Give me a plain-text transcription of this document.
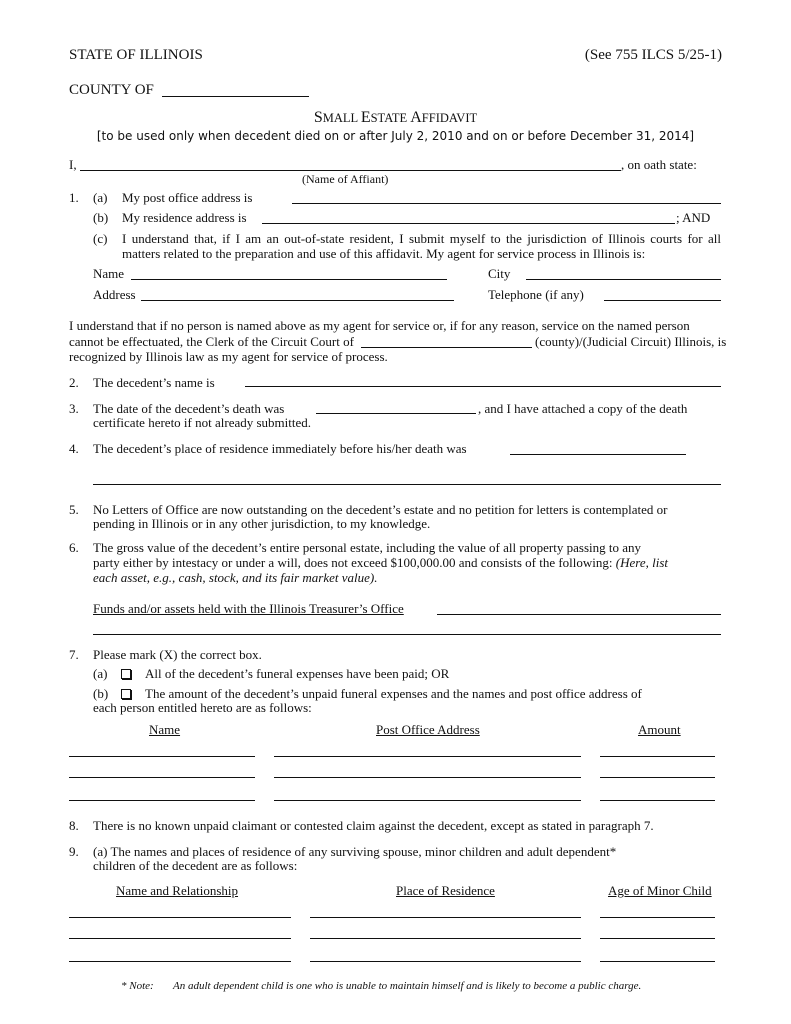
STATE OF ILLINOIS	(See 755 ILCS 5/25-1)
COUNTY OF
SMALL ESTATE AFFIDAVIT
[to be used only when decedent died on or after July 2, 2010 and on or before December 31, 2014]
I,	, on oath state:
(Name of Affiant)
1. (a) My post office address is
(b) My residence address is	; AND
(c) I understand that, if I am an out-of-state resident, I submit myself to the jurisdiction of Illinois courts for all matters related to the preparation and use of this affidavit. My agent for service process in Illinois is:
Name	City
Address	Telephone (if any)
I understand that if no person is named above as my agent for service or, if for any reason, service on the named person
cannot be effectuated, the Clerk of the Circuit Court of	(county)/(Judicial Circuit) Illinois, is
recognized by Illinois law as my agent for service of process.
2. The decedent’s name is
3. The date of the decedent’s death was	, and I have attached a copy of the death
certificate hereto if not already submitted.
4. The decedent’s place of residence immediately before his/her death was
5. No Letters of Office are now outstanding on the decedent’s estate and no petition for letters is contemplated or
pending in Illinois or in any other jurisdiction, to my knowledge.
6. The gross value of the decedent’s entire personal estate, including the value of all property passing to any
party either by intestacy or under a will, does not exceed $100,000.00 and consists of the following: (Here, list
each asset, e.g., cash, stock, and its fair market value).
Funds and/or assets held with the Illinois Treasurer’s Office
7. Please mark (X) the correct box.
(a)	All of the decedent’s funeral expenses have been paid; OR
(b)	The amount of the decedent’s unpaid funeral expenses and the names and post office address of
each person entitled hereto are as follows:
Name	Post Office Address	Amount
8. There is no known unpaid claimant or contested claim against the decedent, except as stated in paragraph 7.
9. (a) The names and places of residence of any surviving spouse, minor children and adult dependent*
children of the decedent are as follows:
Name and Relationship	Place of Residence	Age of Minor Child
* Note: An adult dependent child is one who is unable to maintain himself and is likely to become a public charge.
